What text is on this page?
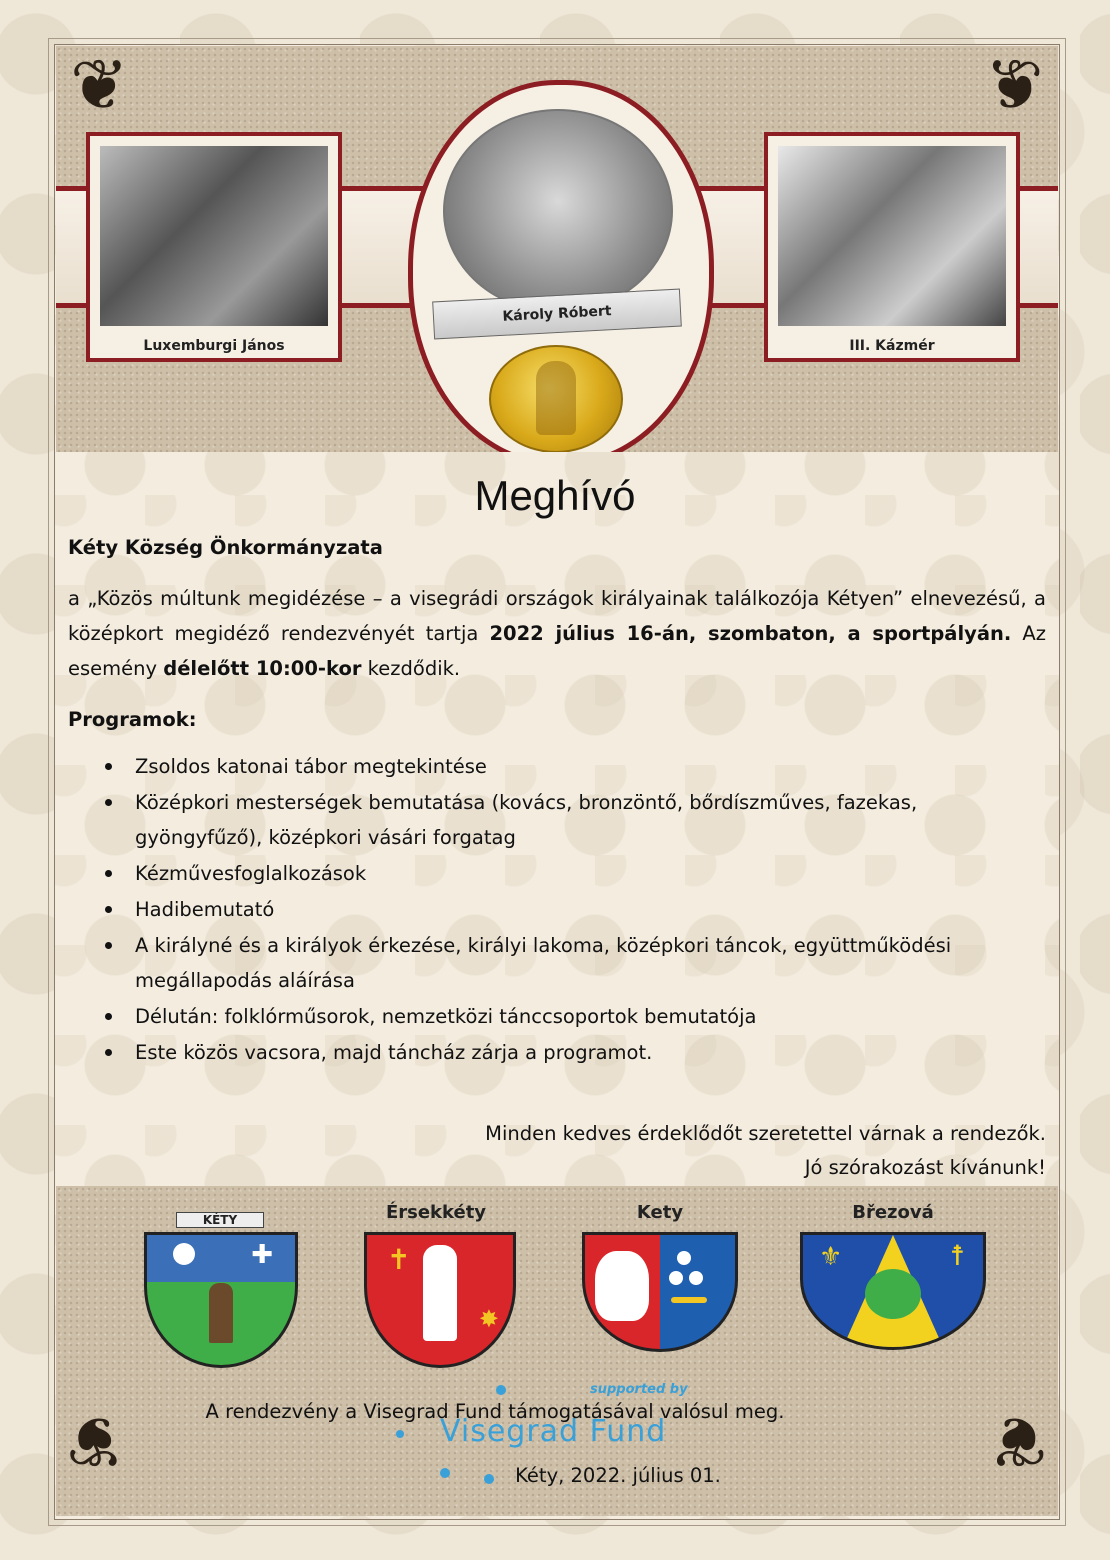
❦	❦
Luxemburgi János
Károly Róbert
III. Kázmér
Meghívó

Kéty Község Önkormányzata

a „Közös múltunk megidézése – a visegrádi országok királyainak találkozója Kétyen” elnevezésű, a középkort megidéző rendezvényét tartja 2022 július 16-án, szombaton, a sportpályán. Az esemény délelőtt 10:00-kor kezdődik.

Programok:

Zsoldos katonai tábor megtekintése
Középkori mesterségek bemutatása (kovács, bronzöntő, bőrdíszműves, fazekas, gyöngyfűző), középkori vásári forgatag
Kézművesfoglalkozások
Hadibemutató
A királyné és a királyok érkezése, királyi lakoma, középkori táncok, együttműködési megállapodás aláírása
Délután: folklórműsorok, nemzetközi tánccsoportok bemutatója
Este közös vacsora, majd táncház zárja a programot.
Minden kedves érdeklődőt szeretettel várnak a rendezők.
Jó szórakozást kívánunk!
❦	❦
KÉTY
✚
Érsekkéty
✝
✸
Kety	Březová
⚜	☨
supported by
Visegrad Fund
A rendezvény a Visegrad Fund támogatásával valósul meg.
Kéty, 2022. július 01.
